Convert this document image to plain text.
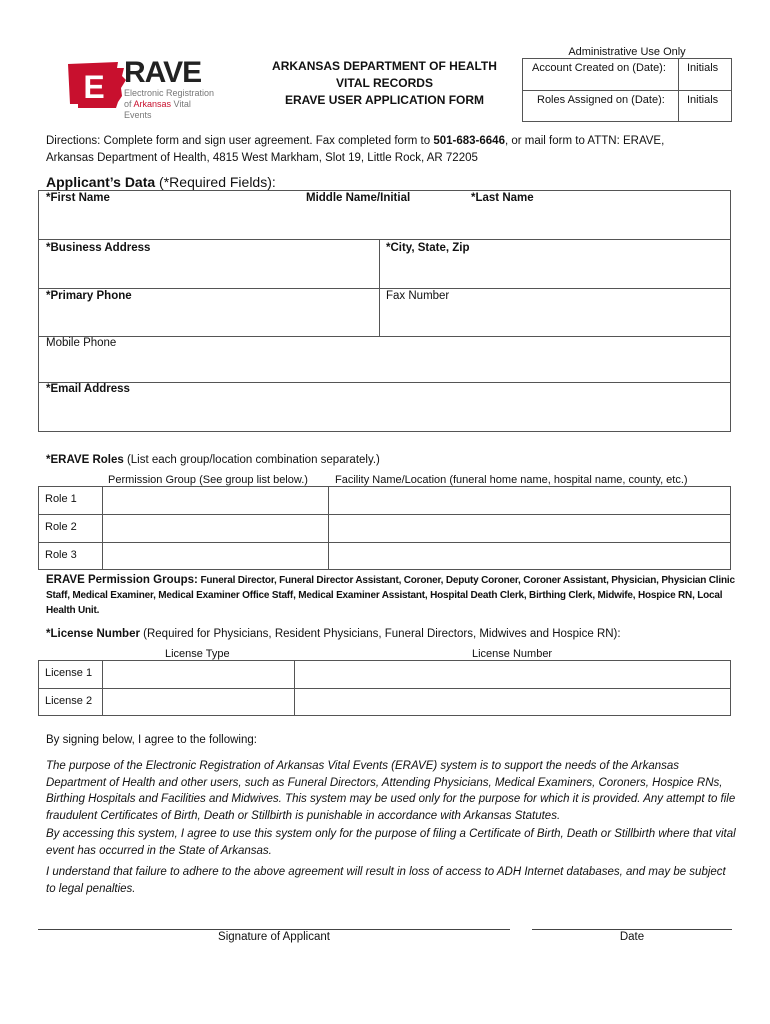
E RAVE
Electronic Registration
of Arkansas Vital Events
ARKANSAS DEPARTMENT OF HEALTH
VITAL RECORDS
ERAVE USER APPLICATION FORM
Administrative Use Only
Account Created on (Date): Initials
Roles Assigned on (Date): Initials
Directions: Complete form and sign user agreement. Fax completed form to 501-683-6646, or mail form to ATTN: ERAVE,
Arkansas Department of Health, 4815 West Markham, Slot 19, Little Rock, AR 72205
Applicant’s Data (*Required Fields):
*First Name	Middle Name/Initial	*Last Name
*Business Address	*City, State, Zip
*Primary Phone	Fax Number
Mobile Phone
*Email Address
*ERAVE Roles (List each group/location combination separately.)
Permission Group (See group list below.) Facility Name/Location (funeral home name, hospital name, county, etc.)
Role 1
Role 2
Role 3
ERAVE Permission Groups: Funeral Director, Funeral Director Assistant, Coroner, Deputy Coroner, Coroner Assistant, Physician, Physician Clinic Staff, Medical Examiner, Medical Examiner Office Staff, Medical Examiner Assistant, Hospital Death Clerk, Birthing Clerk, Midwife, Hospice RN, Local Health Unit.
*License Number (Required for Physicians, Resident Physicians, Funeral Directors, Midwives and Hospice RN):
License Type	License Number
License 1
License 2
By signing below, I agree to the following:
The purpose of the Electronic Registration of Arkansas Vital Events (ERAVE) system is to support the needs of the Arkansas Department of Health and other users, such as Funeral Directors, Attending Physicians, Medical Examiners, Coroners, Hospice RNs, Birthing Hospitals and Facilities and Midwives. This system may be used only for the purpose for which it is provided. Any attempt to file fraudulent Certificates of Birth, Death or Stillbirth is punishable in accordance with Arkansas Statutes.
By accessing this system, I agree to use this system only for the purpose of filing a Certificate of Birth, Death or Stillbirth where that vital event has occurred in the State of Arkansas.
I understand that failure to adhere to the above agreement will result in loss of access to ADH Internet databases, and may be subject to legal penalties.
Signature of Applicant	Date
